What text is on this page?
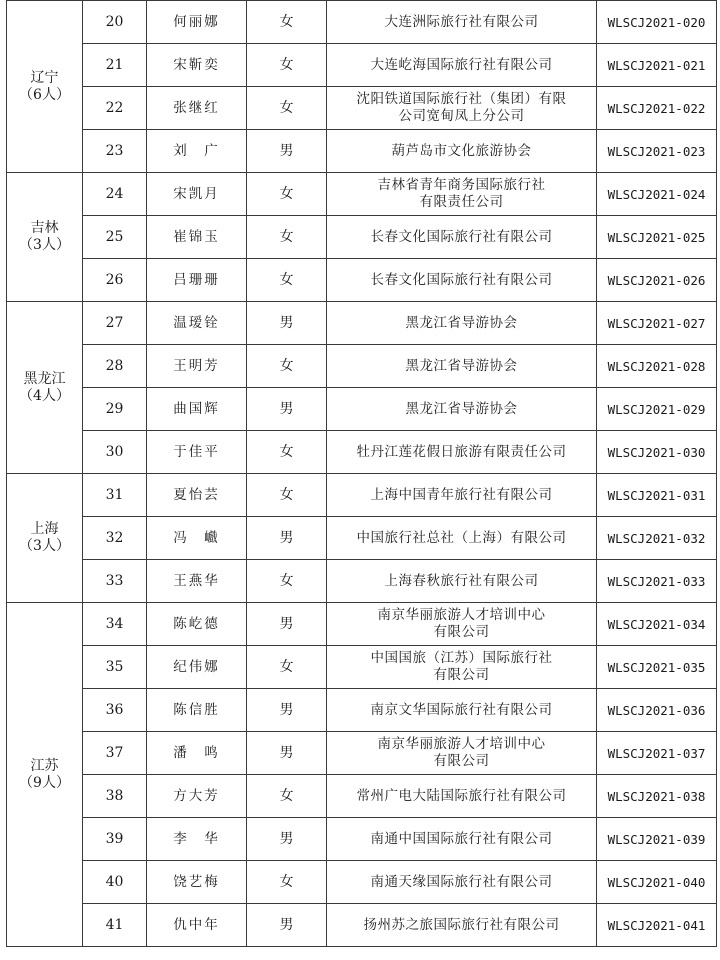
辽宁
（6人）	20	何丽娜	女	大连洲际旅行社有限公司	WLSCJ2021-020
	21	宋靳奕	女	大连屹海国际旅行社有限公司	WLSCJ2021-021
	22	张继红	女	沈阳铁道国际旅行社（集团）有限
公司宽甸凤上分公司	WLSCJ2021-022
	23	刘　广	男	葫芦岛市文化旅游协会	WLSCJ2021-023

吉林
（3人）	24	宋凯月	女	吉林省青年商务国际旅行社
有限责任公司	WLSCJ2021-024
	25	崔锦玉	女	长春文化国际旅行社有限公司	WLSCJ2021-025
	26	吕珊珊	女	长春文化国际旅行社有限公司	WLSCJ2021-026

黑龙江
（4人）	27	温瑷铨	男	黑龙江省导游协会	WLSCJ2021-027
	28	王明芳	女	黑龙江省导游协会	WLSCJ2021-028
	29	曲国辉	男	黑龙江省导游协会	WLSCJ2021-029
	30	于佳平	女	牡丹江莲花假日旅游有限责任公司	WLSCJ2021-030

上海
（3人）	31	夏怡芸	女	上海中国青年旅行社有限公司	WLSCJ2021-031
	32	冯　巇	男	中国旅行社总社（上海）有限公司	WLSCJ2021-032
	33	王燕华	女	上海春秋旅行社有限公司	WLSCJ2021-033

江苏
（9人）	34	陈屹德	男	南京华丽旅游人才培训中心
有限公司	WLSCJ2021-034
	35	纪伟娜	女	中国国旅（江苏）国际旅行社
有限公司	WLSCJ2021-035
	36	陈信胜	男	南京文华国际旅行社有限公司	WLSCJ2021-036
	37	潘　鸣	男	南京华丽旅游人才培训中心
有限公司	WLSCJ2021-037
	38	方大芳	女	常州广电大陆国际旅行社有限公司	WLSCJ2021-038
	39	李　华	男	南通中国国际旅行社有限公司	WLSCJ2021-039
	40	饶艺梅	女	南通天缘国际旅行社有限公司	WLSCJ2021-040
	41	仇中年	男	扬州苏之旅国际旅行社有限公司	WLSCJ2021-041
